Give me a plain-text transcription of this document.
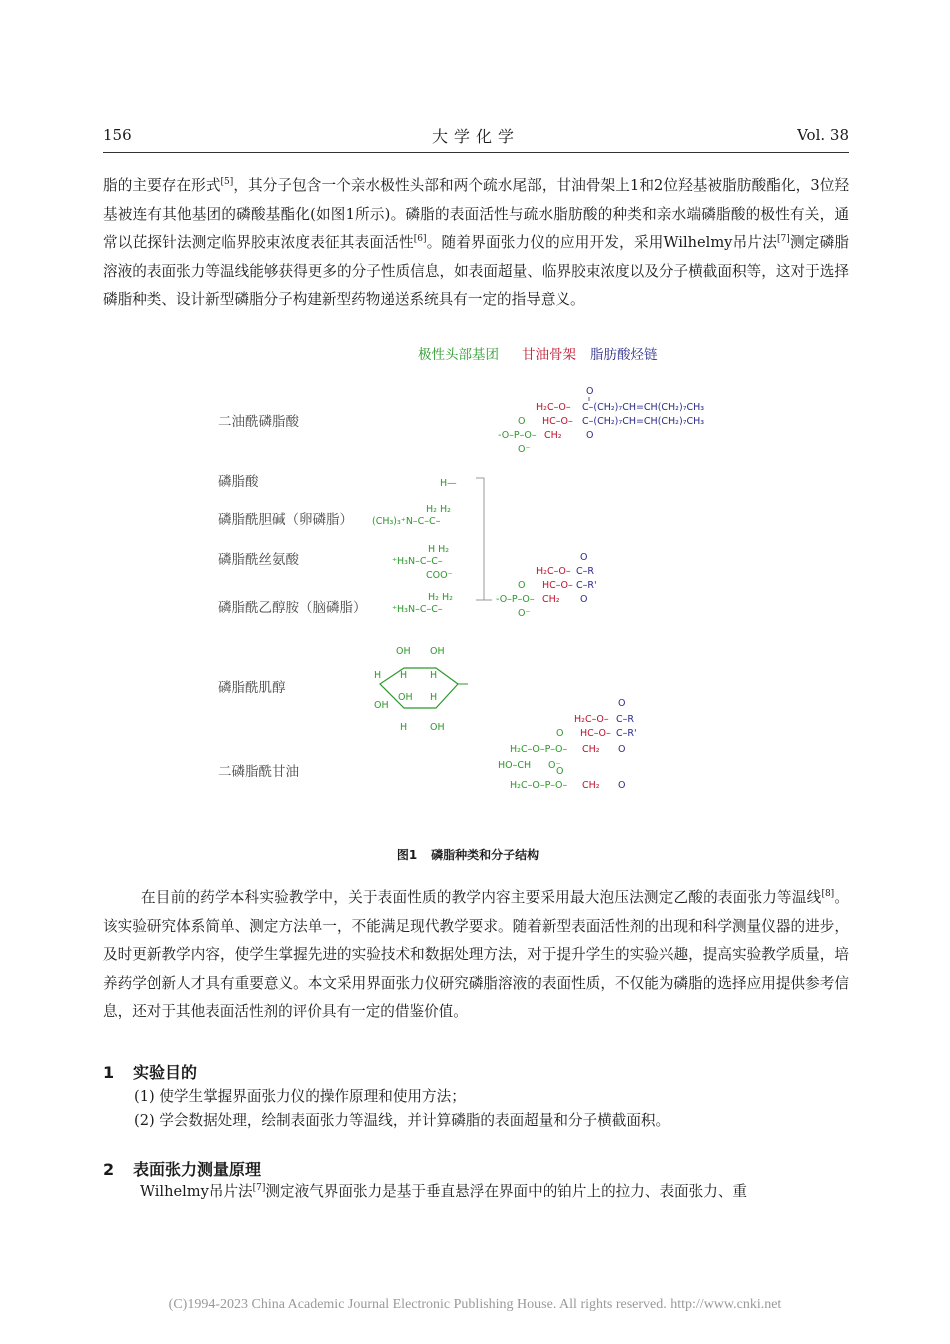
156	大学化学	Vol. 38
脂的主要存在形式[5]，其分子包含一个亲水极性头部和两个疏水尾部，甘油骨架上1和2位羟基被脂肪酸酯化，3位羟基被连有其他基团的磷酸基酯化(如图1所示)。磷脂的表面活性与疏水脂肪酸的种类和亲水端磷脂酸的极性有关，通常以芘探针法测定临界胶束浓度表征其表面活性[6]。随着界面张力仪的应用开发，采用Wilhelmy吊片法[7]测定磷脂溶液的表面张力等温线能够获得更多的分子性质信息，如表面超量、临界胶束浓度以及分子横截面积等，这对于选择磷脂种类、设计新型磷脂分子构建新型药物递送系统具有一定的指导意义。
极性头部基团 甘油骨架 脂肪酸烃链
二油酰磷脂酸
磷脂酸
磷脂酰胆碱（卵磷脂）
磷脂酰丝氨酸
磷脂酰乙醇胺（脑磷脂）
磷脂酰肌醇
二磷脂酰甘油
O
H₂C–O– C–(CH₂)₇CH=CH(CH₂)₇CH₃
HC–O– C–(CH₂)₇CH=CH(CH₂)₇CH₃
O
O
-O–P–O– CH₂
O⁻
H—
H₂ H₂
(CH₃)₃⁺N–C–C–
H H₂
⁺H₃N–C–C–
COO⁻
H₂ H₂
⁺H₃N–C–C–
OH OH
H H H
OH H
OH
H OH
O
H₂C–O– C–R
HC–O– C–R'
O
-O–P–O– CH₂ O
O⁻
O
H₂C–O– C–R
HC–O– C–R'
O
H₂C–O–P–O– CH₂ O
HO–CH O⁻
O
H₂C–O–P–O– CH₂ O
图1 磷脂种类和分子结构
在目前的药学本科实验教学中，关于表面性质的教学内容主要采用最大泡压法测定乙酸的表面张力等温线[8]。该实验研究体系简单、测定方法单一，不能满足现代教学要求。随着新型表面活性剂的出现和科学测量仪器的进步，及时更新教学内容，使学生掌握先进的实验技术和数据处理方法，对于提升学生的实验兴趣，提高实验教学质量，培养药学创新人才具有重要意义。本文采用界面张力仪研究磷脂溶液的表面性质，不仅能为磷脂的选择应用提供参考信息，还对于其他表面活性剂的评价具有一定的借鉴价值。
1 实验目的
(1) 使学生掌握界面张力仪的操作原理和使用方法；
(2) 学会数据处理，绘制表面张力等温线，并计算磷脂的表面超量和分子横截面积。
2 表面张力测量原理
Wilhelmy吊片法[7]测定液气界面张力是基于垂直悬浮在界面中的铂片上的拉力、表面张力、重
(C)1994-2023 China Academic Journal Electronic Publishing House. All rights reserved. http://www.cnki.net
